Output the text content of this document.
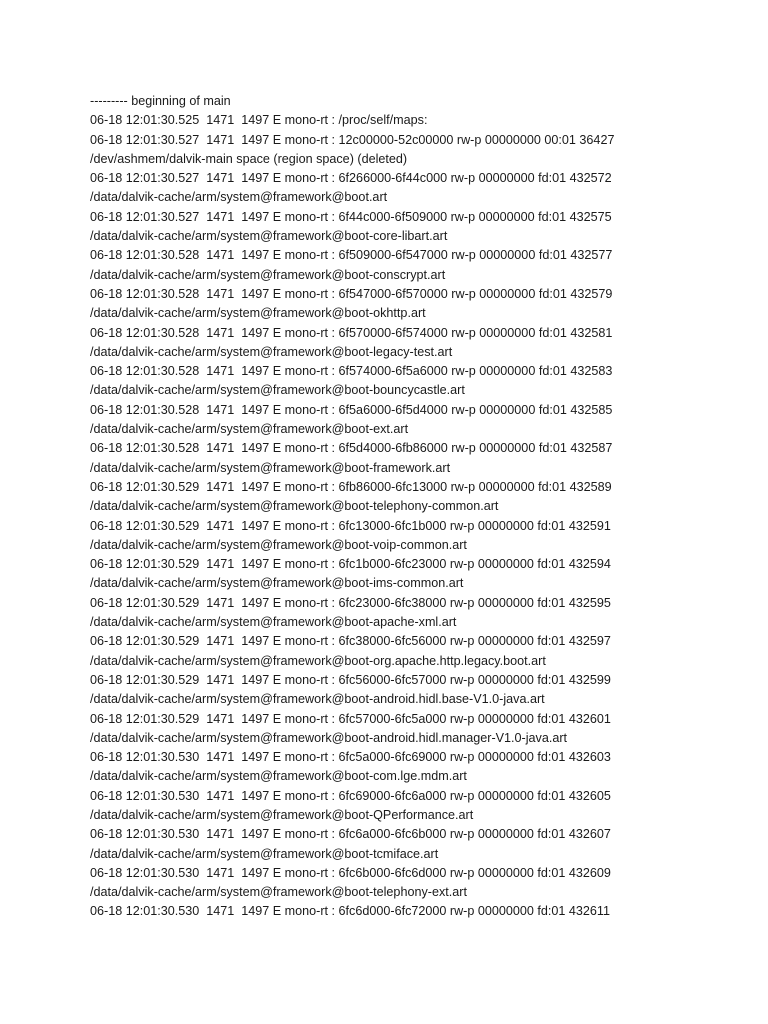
--------- beginning of main
06-18 12:01:30.525  1471  1497 E mono-rt : /proc/self/maps:
06-18 12:01:30.527  1471  1497 E mono-rt : 12c00000-52c00000 rw-p 00000000 00:01 36427
/dev/ashmem/dalvik-main space (region space) (deleted)
06-18 12:01:30.527  1471  1497 E mono-rt : 6f266000-6f44c000 rw-p 00000000 fd:01 432572
/data/dalvik-cache/arm/system@framework@boot.art
06-18 12:01:30.527  1471  1497 E mono-rt : 6f44c000-6f509000 rw-p 00000000 fd:01 432575
/data/dalvik-cache/arm/system@framework@boot-core-libart.art
06-18 12:01:30.528  1471  1497 E mono-rt : 6f509000-6f547000 rw-p 00000000 fd:01 432577
/data/dalvik-cache/arm/system@framework@boot-conscrypt.art
06-18 12:01:30.528  1471  1497 E mono-rt : 6f547000-6f570000 rw-p 00000000 fd:01 432579
/data/dalvik-cache/arm/system@framework@boot-okhttp.art
06-18 12:01:30.528  1471  1497 E mono-rt : 6f570000-6f574000 rw-p 00000000 fd:01 432581
/data/dalvik-cache/arm/system@framework@boot-legacy-test.art
06-18 12:01:30.528  1471  1497 E mono-rt : 6f574000-6f5a6000 rw-p 00000000 fd:01 432583
/data/dalvik-cache/arm/system@framework@boot-bouncycastle.art
06-18 12:01:30.528  1471  1497 E mono-rt : 6f5a6000-6f5d4000 rw-p 00000000 fd:01 432585
/data/dalvik-cache/arm/system@framework@boot-ext.art
06-18 12:01:30.528  1471  1497 E mono-rt : 6f5d4000-6fb86000 rw-p 00000000 fd:01 432587
/data/dalvik-cache/arm/system@framework@boot-framework.art
06-18 12:01:30.529  1471  1497 E mono-rt : 6fb86000-6fc13000 rw-p 00000000 fd:01 432589
/data/dalvik-cache/arm/system@framework@boot-telephony-common.art
06-18 12:01:30.529  1471  1497 E mono-rt : 6fc13000-6fc1b000 rw-p 00000000 fd:01 432591
/data/dalvik-cache/arm/system@framework@boot-voip-common.art
06-18 12:01:30.529  1471  1497 E mono-rt : 6fc1b000-6fc23000 rw-p 00000000 fd:01 432594
/data/dalvik-cache/arm/system@framework@boot-ims-common.art
06-18 12:01:30.529  1471  1497 E mono-rt : 6fc23000-6fc38000 rw-p 00000000 fd:01 432595
/data/dalvik-cache/arm/system@framework@boot-apache-xml.art
06-18 12:01:30.529  1471  1497 E mono-rt : 6fc38000-6fc56000 rw-p 00000000 fd:01 432597
/data/dalvik-cache/arm/system@framework@boot-org.apache.http.legacy.boot.art
06-18 12:01:30.529  1471  1497 E mono-rt : 6fc56000-6fc57000 rw-p 00000000 fd:01 432599
/data/dalvik-cache/arm/system@framework@boot-android.hidl.base-V1.0-java.art
06-18 12:01:30.529  1471  1497 E mono-rt : 6fc57000-6fc5a000 rw-p 00000000 fd:01 432601
/data/dalvik-cache/arm/system@framework@boot-android.hidl.manager-V1.0-java.art
06-18 12:01:30.530  1471  1497 E mono-rt : 6fc5a000-6fc69000 rw-p 00000000 fd:01 432603
/data/dalvik-cache/arm/system@framework@boot-com.lge.mdm.art
06-18 12:01:30.530  1471  1497 E mono-rt : 6fc69000-6fc6a000 rw-p 00000000 fd:01 432605
/data/dalvik-cache/arm/system@framework@boot-QPerformance.art
06-18 12:01:30.530  1471  1497 E mono-rt : 6fc6a000-6fc6b000 rw-p 00000000 fd:01 432607
/data/dalvik-cache/arm/system@framework@boot-tcmiface.art
06-18 12:01:30.530  1471  1497 E mono-rt : 6fc6b000-6fc6d000 rw-p 00000000 fd:01 432609
/data/dalvik-cache/arm/system@framework@boot-telephony-ext.art
06-18 12:01:30.530  1471  1497 E mono-rt : 6fc6d000-6fc72000 rw-p 00000000 fd:01 432611
